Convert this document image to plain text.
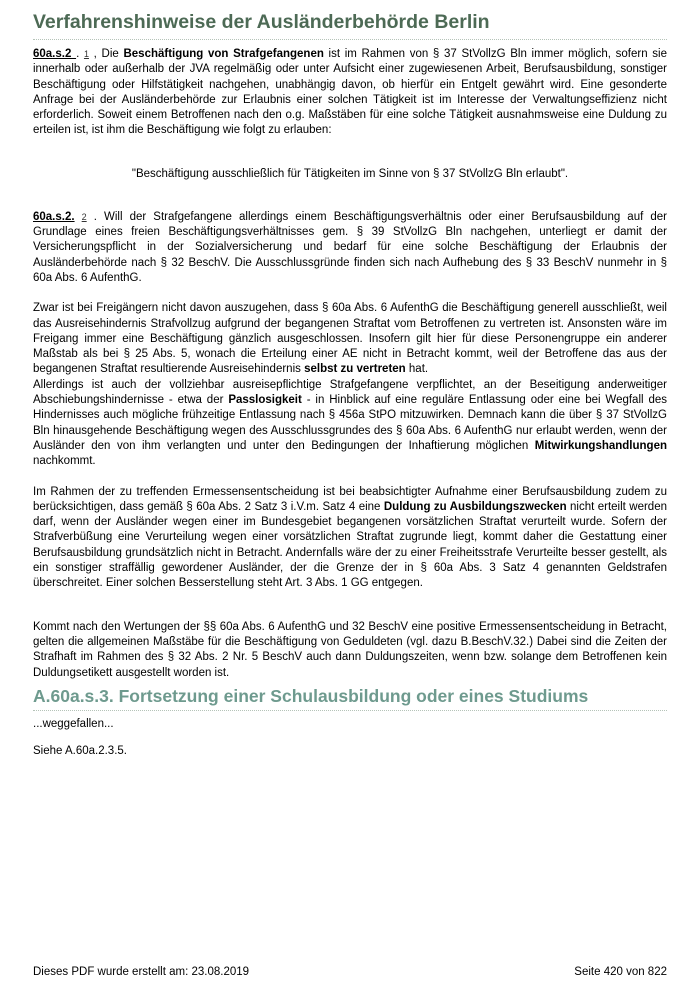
Verfahrenshinweise der Ausländerbehörde Berlin

60a.s.2 . 1 , Die Beschäftigung von Strafgefangenen ist im Rahmen von § 37 StVollzG Bln immer möglich, sofern sie innerhalb oder außerhalb der JVA regelmäßig oder unter Aufsicht einer zugewiesenen Arbeit, Berufsausbildung, sonstiger Beschäftigung oder Hilfstätigkeit nachgehen, unabhängig davon, ob hierfür ein Entgelt gewährt wird. Eine gesonderte Anfrage bei der Ausländerbehörde zur Erlaubnis einer solchen Tätigkeit ist im Interesse der Verwaltungseffizienz nicht erforderlich. Soweit einem Betroffenen nach den o.g. Maßstäben für eine solche Tätigkeit ausnahmsweise eine Duldung zu erteilen ist, ist ihm die Beschäftigung wie folgt zu erlauben:

"Beschäftigung ausschließlich für Tätigkeiten im Sinne von § 37 StVollzG Bln erlaubt".

60a.s.2. 2 . Will der Strafgefangene allerdings einem Beschäftigungsverhältnis oder einer Berufsausbildung auf der Grundlage eines freien Beschäftigungsverhältnisses gem. § 39 StVollzG Bln nachgehen, unterliegt er damit der Versicherungspflicht in der Sozialversicherung und bedarf für eine solche Beschäftigung der Erlaubnis der Ausländerbehörde nach § 32 BeschV. Die Ausschlussgründe finden sich nach Aufhebung des § 33 BeschV nunmehr in § 60a Abs. 6 AufenthG.

Zwar ist bei Freigängern nicht davon auszugehen, dass § 60a Abs. 6 AufenthG die Beschäftigung generell ausschließt, weil das Ausreisehindernis Strafvollzug aufgrund der begangenen Straftat vom Betroffenen zu vertreten ist. Ansonsten wäre im Freigang immer eine Beschäftigung gänzlich ausgeschlossen. Insofern gilt hier für diese Personengruppe ein anderer Maßstab als bei § 25 Abs. 5, wonach die Erteilung einer AE nicht in Betracht kommt, weil der Betroffene das aus der begangenen Straftat resultierende Ausreisehindernis selbst zu vertreten hat.

Allerdings ist auch der vollziehbar ausreisepflichtige Strafgefangene verpflichtet, an der Beseitigung anderweitiger Abschiebungshindernisse - etwa der Passlosigkeit - in Hinblick auf eine reguläre Entlassung oder eine bei Wegfall des Hindernisses auch mögliche frühzeitige Entlassung nach § 456a StPO mitzuwirken. Demnach kann die über § 37 StVollzG Bln hinausgehende Beschäftigung wegen des Ausschlussgrundes des § 60a Abs. 6 AufenthG nur erlaubt werden, wenn der Ausländer den von ihm verlangten und unter den Bedingungen der Inhaftierung möglichen Mitwirkungshandlungen nachkommt.

Im Rahmen der zu treffenden Ermessensentscheidung ist bei beabsichtigter Aufnahme einer Berufsausbildung zudem zu berücksichtigen, dass gemäß § 60a Abs. 2 Satz 3 i.V.m. Satz 4 eine Duldung zu Ausbildungszwecken nicht erteilt werden darf, wenn der Ausländer wegen einer im Bundesgebiet begangenen vorsätzlichen Straftat verurteilt wurde. Sofern der Strafverbüßung eine Verurteilung wegen einer vorsätzlichen Straftat zugrunde liegt, kommt daher die Gestattung einer Berufsausbildung grundsätzlich nicht in Betracht. Andernfalls wäre der zu einer Freiheitsstrafe Verurteilte besser gestellt, als ein sonstiger straffällig gewordener Ausländer, der die Grenze der in § 60a Abs. 3 Satz 4 genannten Geldstrafen überschreitet. Einer solchen Besserstellung steht Art. 3 Abs. 1 GG entgegen.

Kommt nach den Wertungen der §§ 60a Abs. 6 AufenthG und 32 BeschV eine positive Ermessensentscheidung in Betracht, gelten die allgemeinen Maßstäbe für die Beschäftigung von Geduldeten (vgl. dazu B.BeschV.32.) Dabei sind die Zeiten der Strafhaft im Rahmen des § 32 Abs. 2 Nr. 5 BeschV auch dann Duldungszeiten, wenn bzw. solange dem Betroffenen kein Duldungsetikett ausgestellt worden ist.

A.60a.s.3. Fortsetzung einer Schulausbildung oder eines Studiums

...weggefallen...

Siehe A.60a.2.3.5.

Dieses PDF wurde erstellt am: 23.08.2019	Seite 420 von 822
